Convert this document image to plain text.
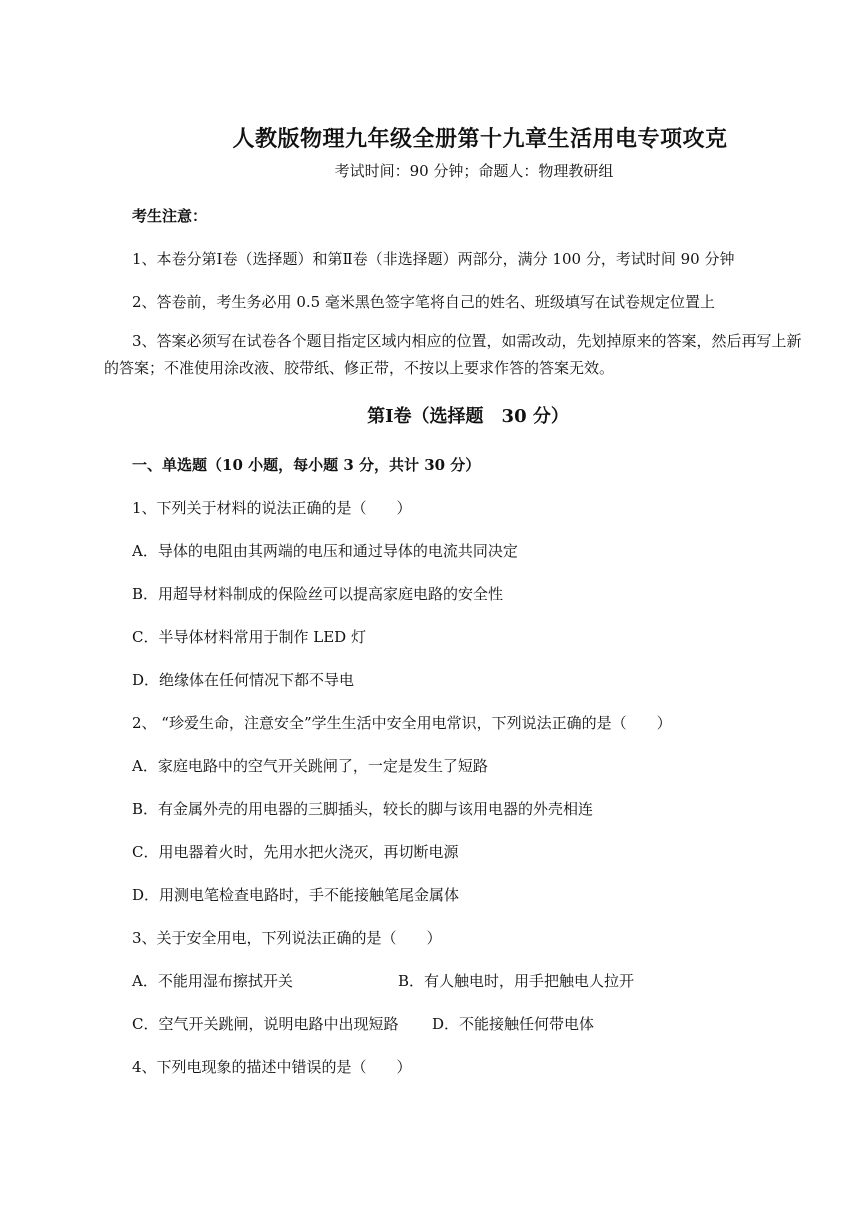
人教版物理九年级全册第十九章生活用电专项攻克
考试时间：90 分钟；命题人：物理教研组
考生注意：
1、本卷分第Ⅰ卷（选择题）和第Ⅱ卷（非选择题）两部分，满分 100 分，考试时间 90 分钟
2、答卷前，考生务必用 0.5 毫米黑色签字笔将自己的姓名、班级填写在试卷规定位置上
3、答案必须写在试卷各个题目指定区域内相应的位置，如需改动，先划掉原来的答案，然后再写上新的答案；不准使用涂改液、胶带纸、修正带，不按以上要求作答的答案无效。
第Ⅰ卷（选择题　30 分）
一、单选题（10 小题，每小题 3 分，共计 30 分）
1、下列关于材料的说法正确的是（　　）
A．导体的电阻由其两端的电压和通过导体的电流共同决定
B．用超导材料制成的保险丝可以提高家庭电路的安全性
C．半导体材料常用于制作 LED 灯
D．绝缘体在任何情况下都不导电
2、 “珍爱生命，注意安全”学生生活中安全用电常识，下列说法正确的是（　　）
A．家庭电路中的空气开关跳闸了，一定是发生了短路
B．有金属外壳的用电器的三脚插头，较长的脚与该用电器的外壳相连
C．用电器着火时，先用水把火浇灭，再切断电源
D．用测电笔检查电路时，手不能接触笔尾金属体
3、关于安全用电，下列说法正确的是（　　）
A．不能用湿布擦拭开关	B．有人触电时，用手把触电人拉开
C．空气开关跳闸，说明电路中出现短路 D．不能接触任何带电体
4、下列电现象的描述中错误的是（　　）
